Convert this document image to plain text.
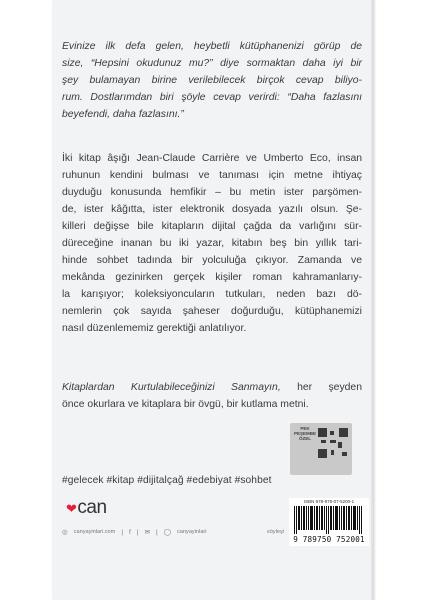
Evinize ilk defa gelen, heybetli kütüphanenizi görüp de
size, “Hepsini okudunuz mu?” diye sormaktan daha iyi bir
şey bulamayan birine verilebilecek birçok cevap biliyo-
rum. Dostlarımdan biri şöyle cevap verirdi: “Daha fazlasını
beyefendi, daha fazlasını.”
İki kitap âşığı Jean-Claude Carrière ve Umberto Eco, insan
ruhunun kendini bulması ve tanıması için metne ihtiyaç
duyduğu konusunda hemfikir – bu metin ister parşömen-
de, ister kâğıtta, ister elektronik dosyada yazılı olsun. Şe-
killeri değişse bile kitapların dijital çağda da varlığını sür-
düreceğine inanan bu iki yazar, kitabın beş bin yıllık tari-
hinde sohbet tadında bir yolculuğa çıkıyor. Zamanda ve
mekânda gezinirken gerçek kişiler roman kahramanlarıy-
la karışıyor; koleksiyoncuların tutkuları, neden bazı dö-
nemlerin çok sayıda şaheser doğurduğu, kütüphanemizi
nasıl düzenlememiz gerektiği anlatılıyor.
Kitaplardan Kurtulabileceğinizi Sanmayın, her şeyden
önce okurlara ve kitaplara bir övgü, bir kutlama metni.
#gelecek #kitap #dijitalçağ #edebiyat #sohbet
PEK PEŞEMBE ÖZEL
❤can
◎ canyayinlari.com | f | ✉ | ◯ canyayinlari	söyleşi
ISBN 978-975-07-5200-1
9 789750 752001
